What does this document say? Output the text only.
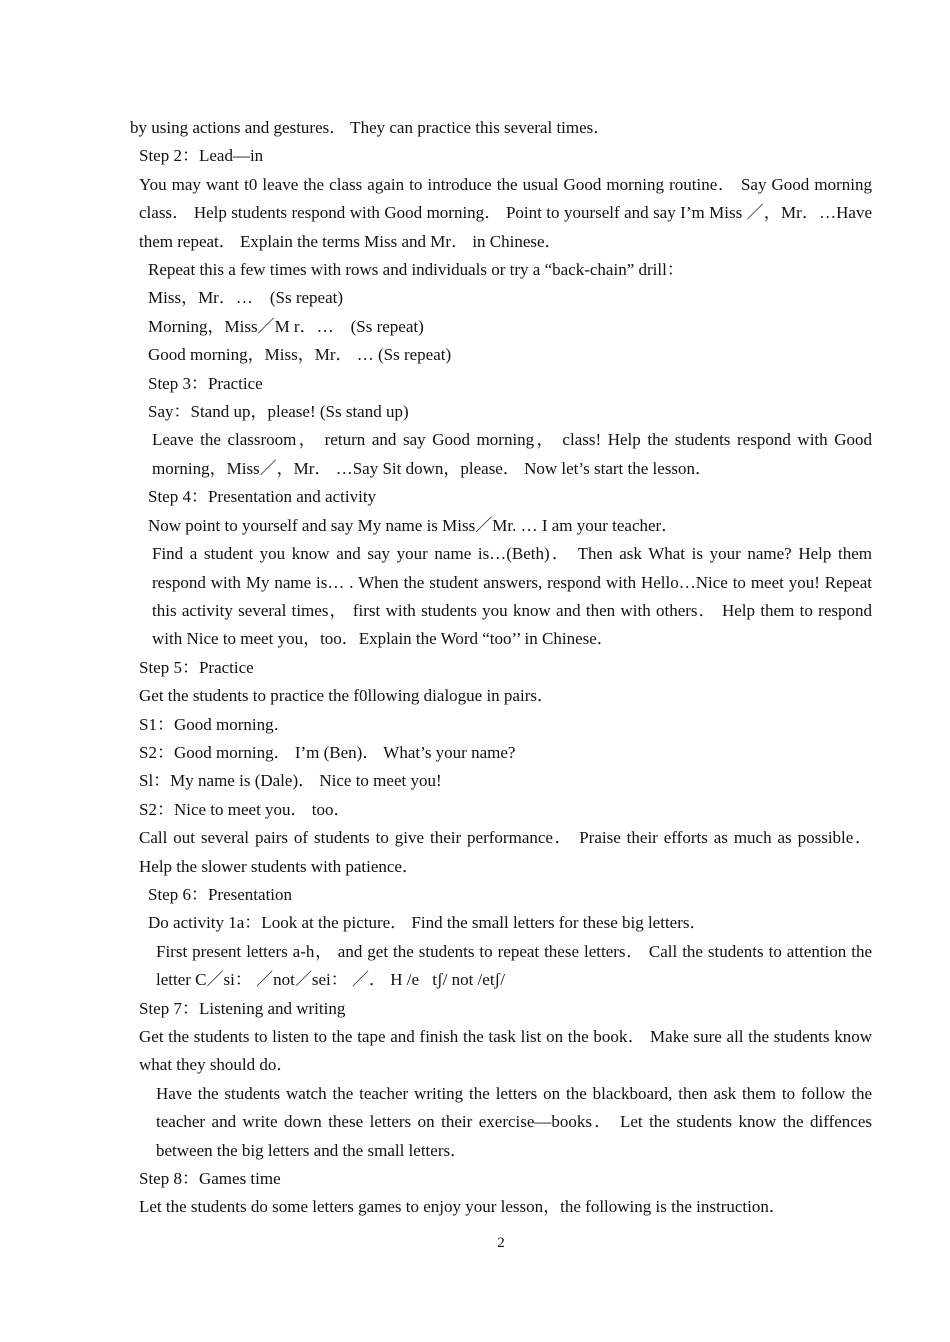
by using actions and gestures． They can practice this several times．

Step 2：Lead—in

You may want t0 leave the class again to introduce the usual Good morning routine． Say Good morning class． Help students respond with Good morning． Point to yourself and say I’m Miss ／，Mr．…Have them repeat． Explain the terms Miss and Mr． in Chinese．

Repeat this a few times with rows and individuals or try a “back-chain” drill：

Miss，Mr．…　(Ss repeat)

Morning，Miss／M r．…　(Ss repeat)

Good morning，Miss，Mr． … (Ss repeat)

Step 3：Practice

Say：Stand up，please! (Ss stand up)

Leave the classroom， return and say Good morning， class! Help the students respond with Good morning，Miss／，Mr． …Say Sit down，please． Now let’s start the lesson．

Step 4：Presentation and activity

Now point to yourself and say My name is Miss／Mr. … I am your teacher．

Find a student you know and say your name is…(Beth)． Then ask What is your name? Help them respond with My name is… . When the student answers, respond with Hello…Nice to meet you! Repeat this activity several times， first with students you know and then with others． Help them to respond with Nice to meet you，too．Explain the Word “too’’ in Chinese．

Step 5：Practice

Get the students to practice the f0llowing dialogue in pairs．

S1：Good morning．

S2：Good morning． I’m (Ben)． What’s your name?

Sl：My name is (Dale)． Nice to meet you!

S2：Nice to meet you． too．

Call out several pairs of students to give their performance． Praise their efforts as much as possible． Help the slower students with patience．

Step 6：Presentation

Do activity 1a：Look at the picture． Find the small letters for these big letters．

First present letters a-h， and get the students to repeat these letters． Call the students to attention the letter C／si： ／not／sei： ／． H /e tʃ/ not /etʃ/

Step 7：Listening and writing

Get the students to listen to the tape and finish the task list on the book． Make sure all the students know what they should do．

Have the students watch the teacher writing the letters on the blackboard, then ask them to follow the teacher and write down these letters on their exercise—books． Let the students know the diffences between the big letters and the small letters．

Step 8：Games time

Let the students do some letters games to enjoy your lesson，the following is the instruction．

2
